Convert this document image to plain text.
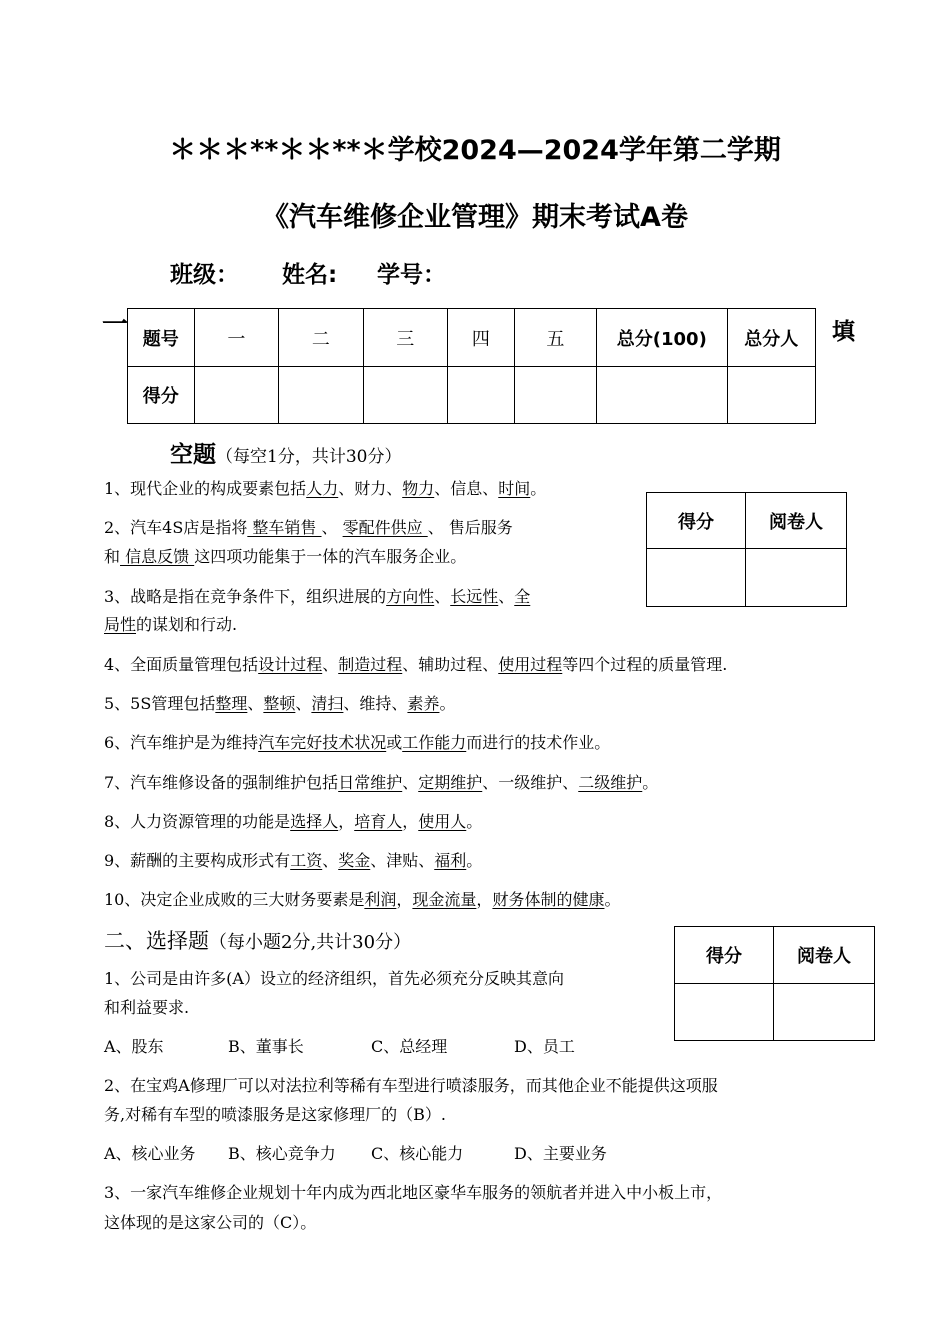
＊＊＊**＊＊**＊学校2024—2024学年第二学期
《汽车维修企业管理》期末考试A卷
班级： 姓名: 学号：
一	填
题号	一	二	三	四	五	总分(100)	总分人
得分							
空题（每空1分，共计30分）
得分	阅卷人

1、现代企业的构成要素包括人力、财力、物力、信息、时间。
2、汽车4S店是指将 整车销售 、 零配件供应 、 售后服务
和 信息反馈 这四项功能集于一体的汽车服务企业。
3、战略是指在竞争条件下，组织进展的方向性、长远性、全
局性的谋划和行动.
4、全面质量管理包括设计过程、制造过程、辅助过程、使用过程等四个过程的质量管理.
5、5S管理包括整理、整顿、清扫、维持、素养。
6、汽车维护是为维持汽车完好技术状况或工作能力而进行的技术作业。
7、汽车维修设备的强制维护包括日常维护、定期维护、一级维护、二级维护。
8、人力资源管理的功能是选择人，培育人，使用人。
9、薪酬的主要构成形式有工资、奖金、津贴、福利。
10、决定企业成败的三大财务要素是利润，现金流量，财务体制的健康。
二、选择题（每小题2分,共计30分）
得分	阅卷人

1、公司是由许多(A）设立的经济组织，首先必须充分反映其意向
和利益要求.
A、股东	B、董事长	C、总经理	D、员工
2、在宝鸡A修理厂可以对法拉利等稀有车型进行喷漆服务，而其他企业不能提供这项服
务,对稀有车型的喷漆服务是这家修理厂的（B）.
A、核心业务 B、核心竞争力 C、核心能力	D、主要业务
3、一家汽车维修企业规划十年内成为西北地区豪华车服务的领航者并进入中小板上市，
这体现的是这家公司的（C）。
